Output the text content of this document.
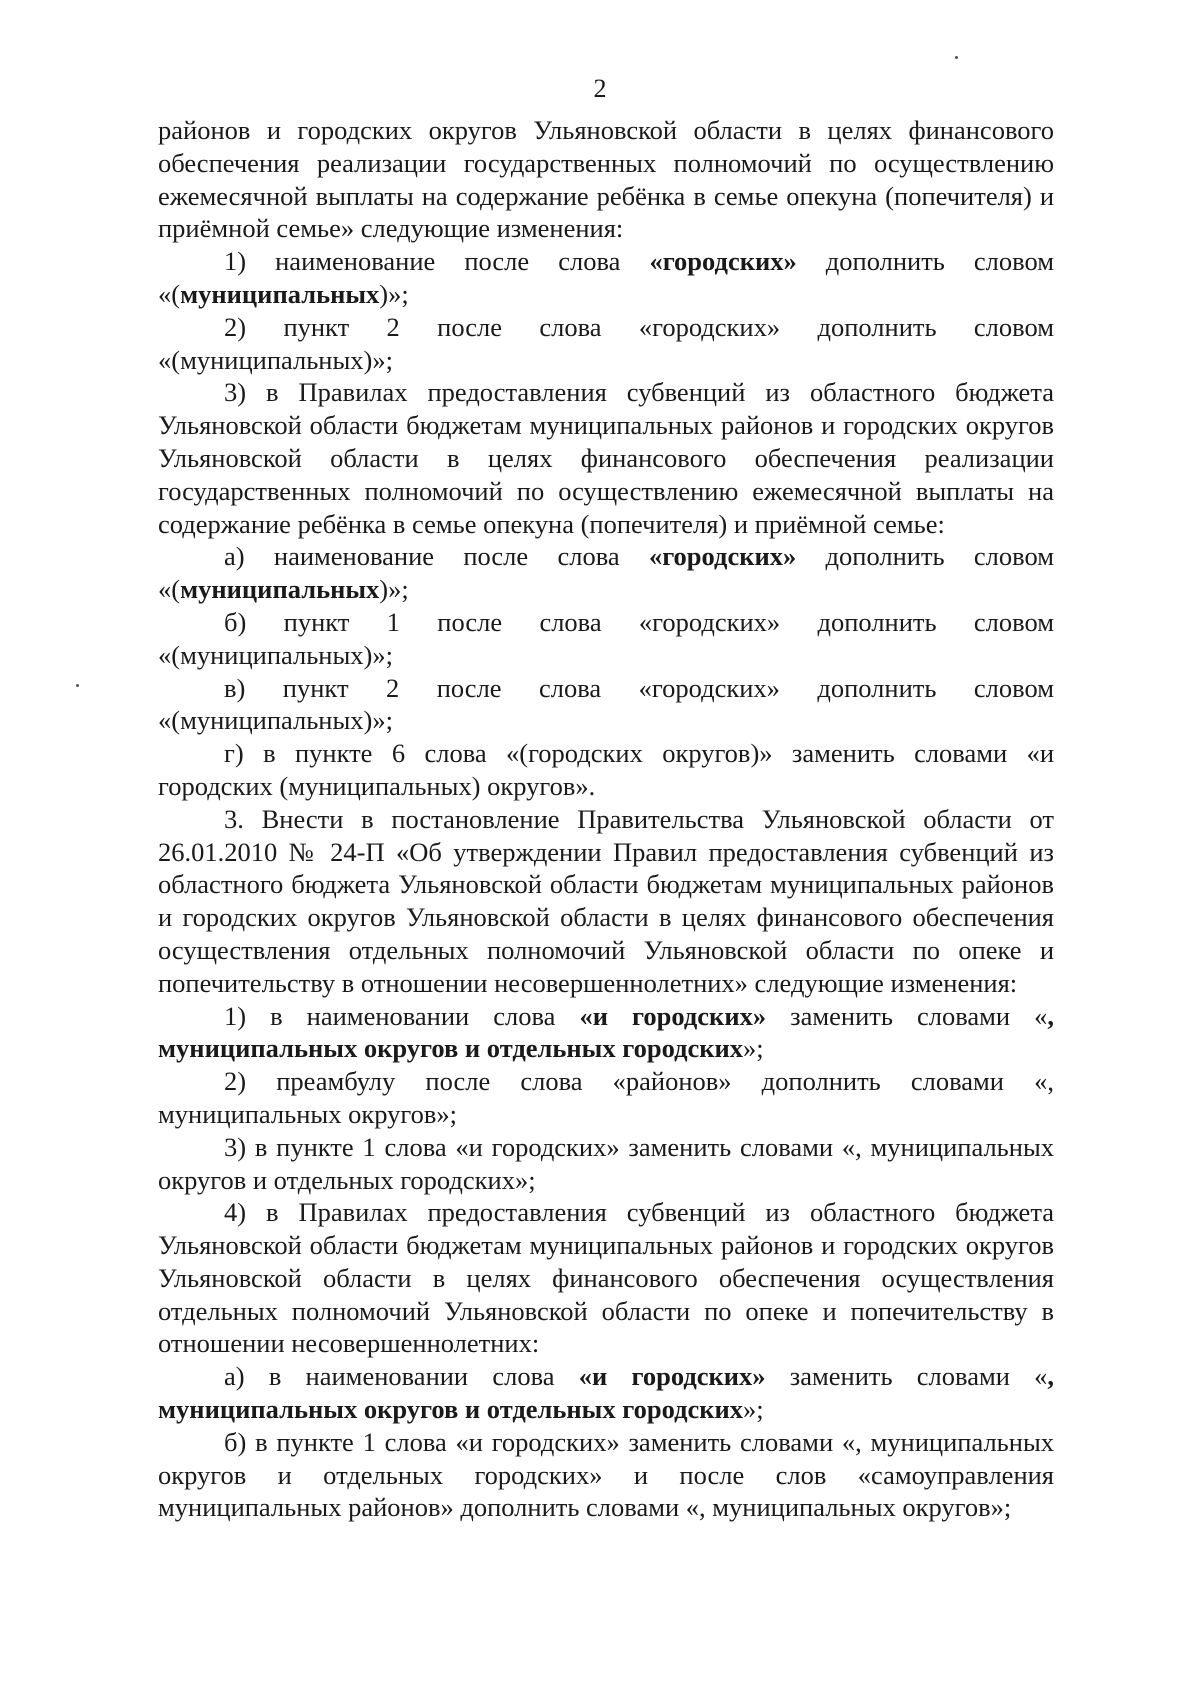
2

районов и городских округов Ульяновской области в целях финансового обеспечения реализации государственных полномочий по осуществлению ежемесячной выплаты на содержание ребёнка в семье опекуна (попечителя) и приёмной семье» следующие изменения:

1) наименование после слова «городских» дополнить словом «(муниципальных)»;

2) пункт 2 после слова «городских» дополнить словом «(муниципальных)»;

3) в Правилах предоставления субвенций из областного бюджета Ульяновской области бюджетам муниципальных районов и городских округов Ульяновской области в целях финансового обеспечения реализации государственных полномочий по осуществлению ежемесячной выплаты на содержание ребёнка в семье опекуна (попечителя) и приёмной семье:

а) наименование после слова «городских» дополнить словом «(муниципальных)»;

б) пункт 1 после слова «городских» дополнить словом «(муниципальных)»;

в) пункт 2 после слова «городских» дополнить словом «(муниципальных)»;

г) в пункте 6 слова «(городских округов)» заменить словами «и городских (муниципальных) округов».

3. Внести в постановление Правительства Ульяновской области от 26.01.2010 № 24-П «Об утверждении Правил предоставления субвенций из областного бюджета Ульяновской области бюджетам муниципальных районов и городских округов Ульяновской области в целях финансового обеспечения осуществления отдельных полномочий Ульяновской области по опеке и попечительству в отношении несовершеннолетних» следующие изменения:

1) в наименовании слова «и городских» заменить словами «, муниципальных округов и отдельных городских»;

2) преамбулу после слова «районов» дополнить словами «, муниципальных округов»;

3) в пункте 1 слова «и городских» заменить словами «, муниципальных округов и отдельных городских»;

4) в Правилах предоставления субвенций из областного бюджета Ульяновской области бюджетам муниципальных районов и городских округов Ульяновской области в целях финансового обеспечения осуществления отдельных полномочий Ульяновской области по опеке и попечительству в отношении несовершеннолетних:

а) в наименовании слова «и городских» заменить словами «, муниципальных округов и отдельных городских»;

б) в пункте 1 слова «и городских» заменить словами «, муниципальных округов и отдельных городских» и после слов «самоуправления муниципальных районов» дополнить словами «, муниципальных округов»;
